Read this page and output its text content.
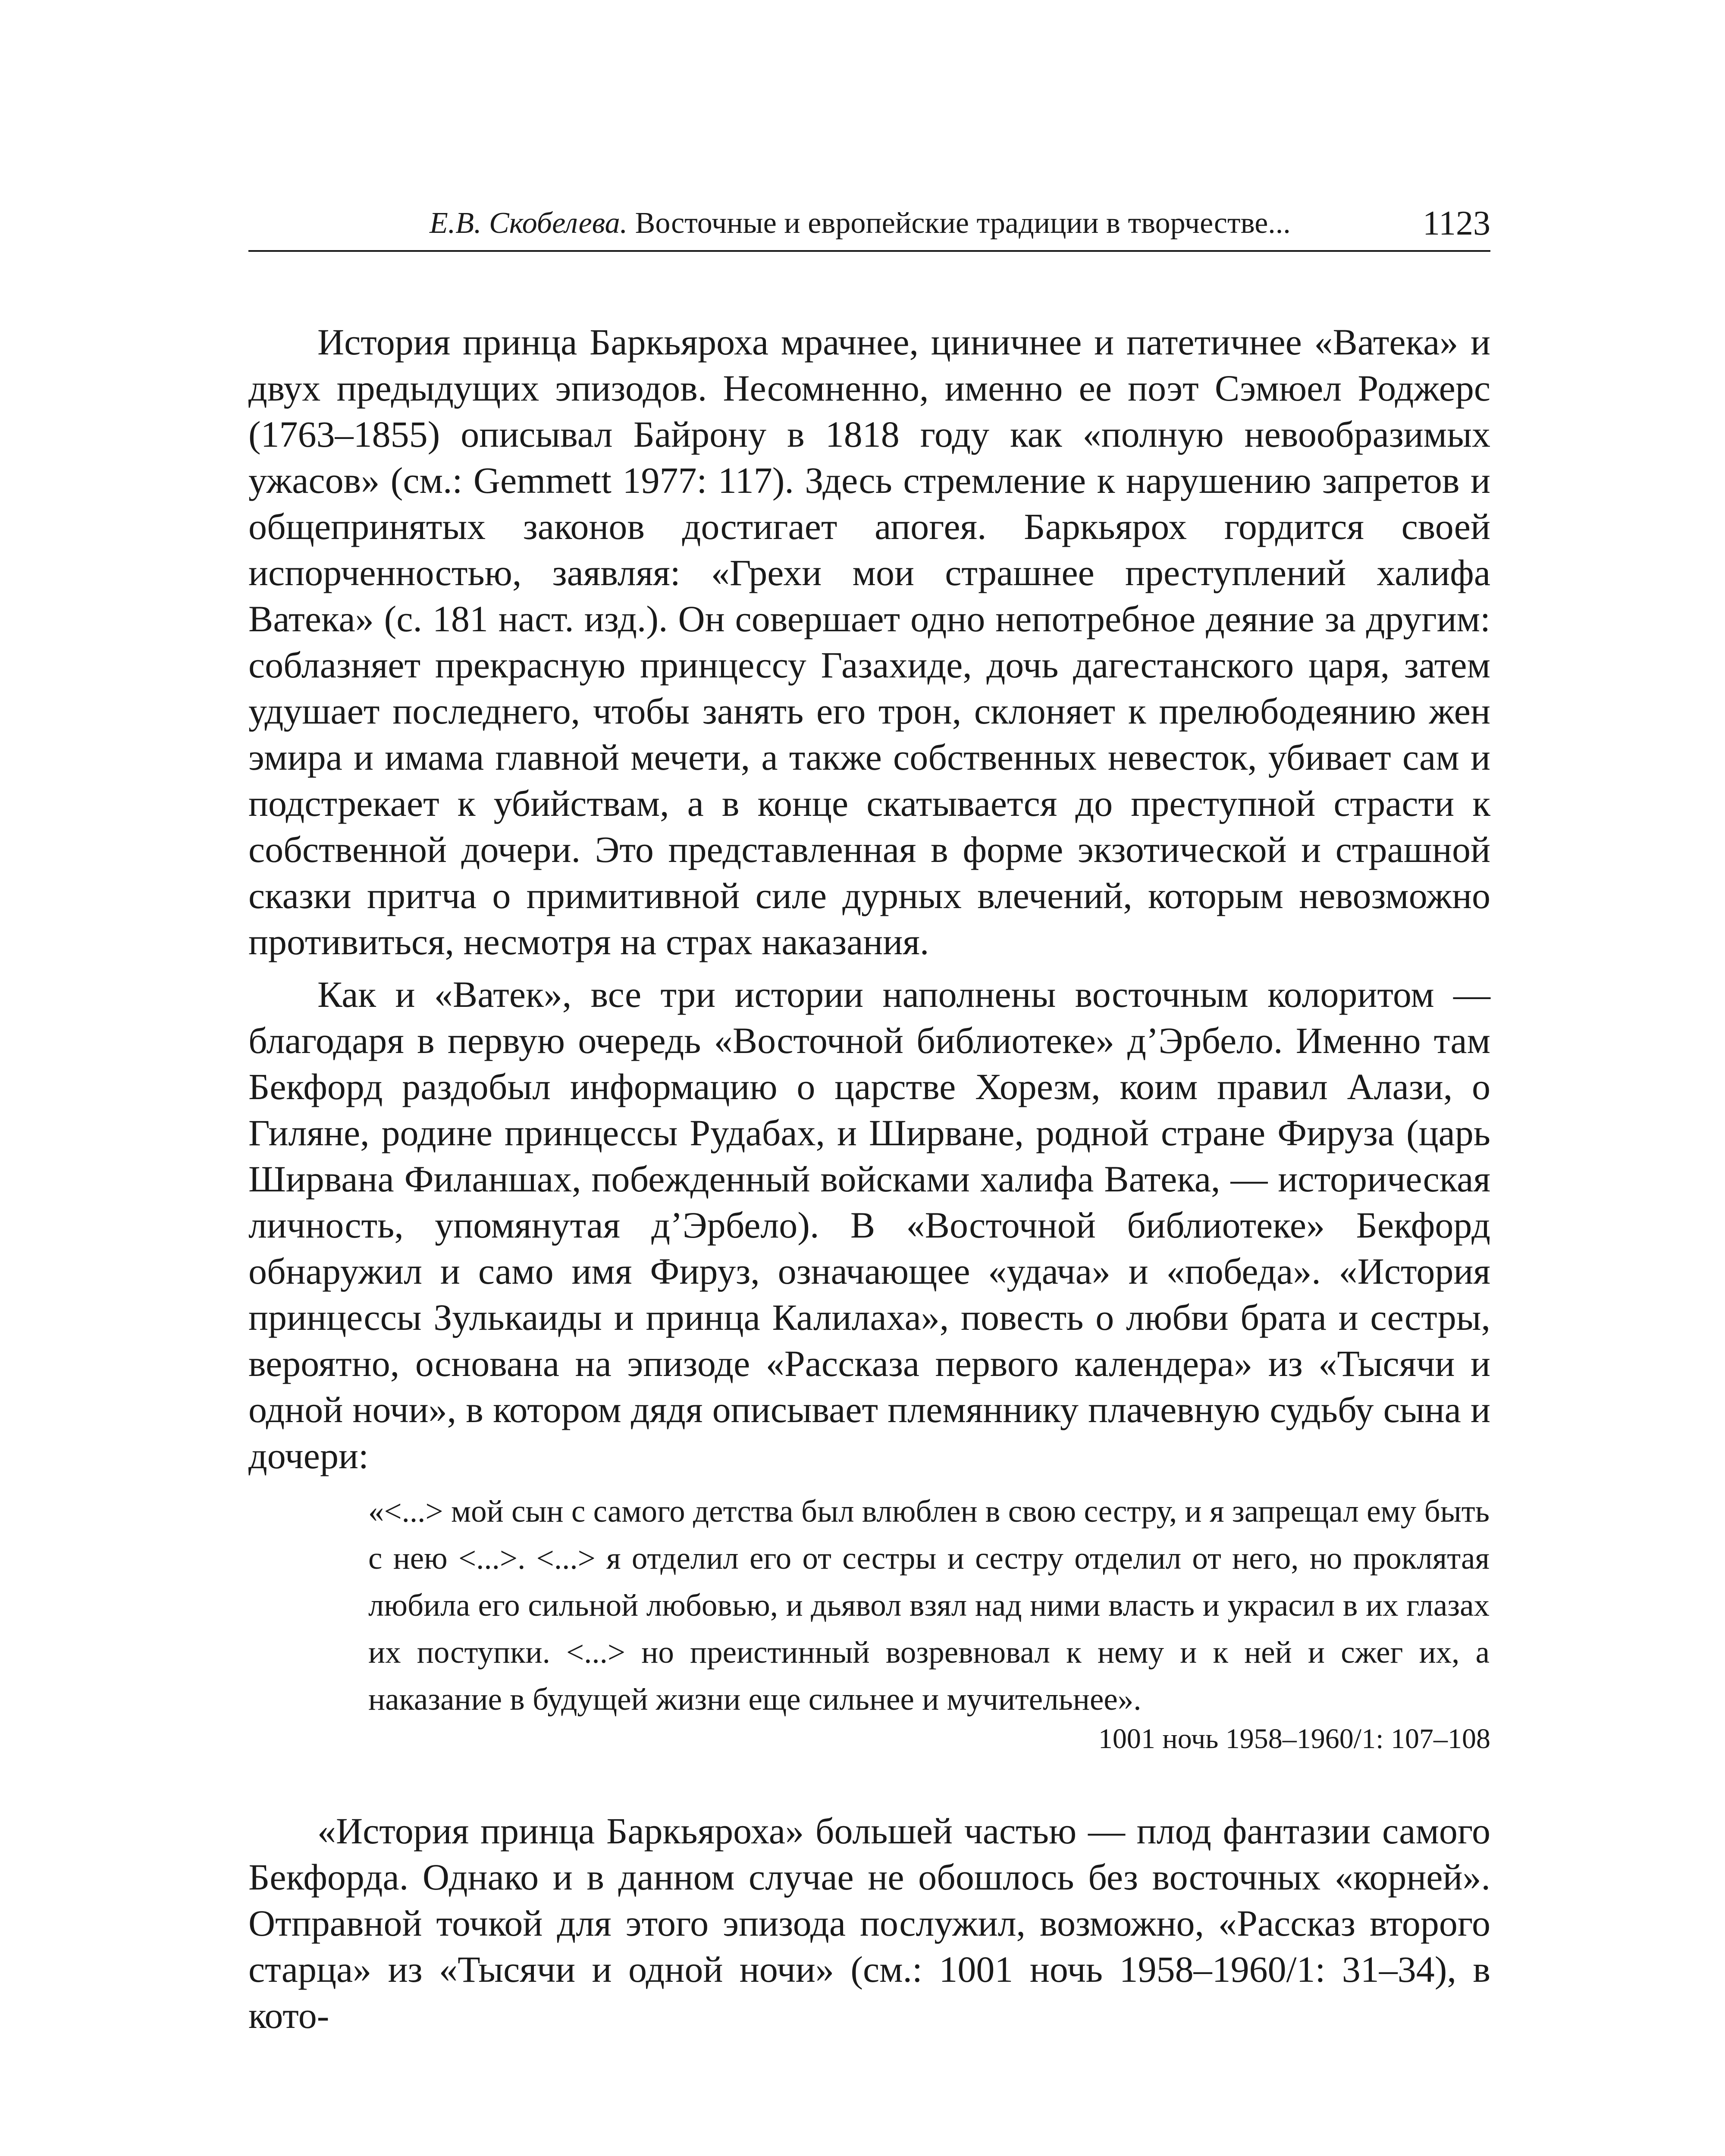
Е.В. Скобелева. Восточные и европейские традиции в творчестве...	1123

История принца Баркьяроха мрачнее, циничнее и патетичнее «Ватека» и двух предыдущих эпизодов. Несомненно, именно ее поэт Сэмюел Роджерс (1763–1855) описывал Байрону в 1818 году как «полную невообразимых ужасов» (см.: Gemmett 1977: 117). Здесь стремление к нарушению запретов и общепринятых законов достигает апогея. Баркьярох гордится своей испорченностью, заявляя: «Грехи мои страшнее преступлений халифа Ватека» (с. 181 наст. изд.). Он совершает одно непотребное деяние за другим: соблазняет прекрасную принцессу Газахиде, дочь дагестанского царя, затем удушает последнего, чтобы занять его трон, склоняет к прелюбодеянию жен эмира и имама главной мечети, а также собственных невесток, убивает сам и подстрекает к убийствам, а в конце скатывается до преступной страсти к собственной дочери. Это представленная в форме экзотической и страшной сказки притча о примитивной силе дурных влечений, которым невозможно противиться, несмотря на страх наказания.

Как и «Ватек», все три истории наполнены восточным колоритом — благодаря в первую очередь «Восточной библиотеке» д’Эрбело. Именно там Бекфорд раздобыл информацию о царстве Хорезм, коим правил Алази, о Гиляне, родине принцессы Рудабах, и Ширване, родной стране Фируза (царь Ширвана Филаншах, побежденный войсками халифа Ватека, — историческая личность, упомянутая д’Эрбело). В «Восточной библиотеке» Бекфорд обнаружил и само имя Фируз, означающее «удача» и «победа». «История принцессы Зулькаиды и принца Калилаха», повесть о любви брата и сестры, вероятно, основана на эпизоде «Рассказа первого календера» из «Тысячи и одной ночи», в котором дядя описывает племяннику плачевную судьбу сына и дочери:

«<...> мой сын с самого детства был влюблен в свою сестру, и я запрещал ему быть с нею <...>. <...> я отделил его от сестры и сестру отделил от него, но проклятая любила его сильной любовью, и дьявол взял над ними власть и украсил в их глазах их поступки. <...> но преистинный возревновал к нему и к ней и сжег их, а наказание в будущей жизни еще сильнее и мучительнее».

1001 ночь 1958–1960/1: 107–108

«История принца Баркьяроха» большей частью — плод фантазии самого Бекфорда. Однако и в данном случае не обошлось без восточных «корней». Отправной точкой для этого эпизода послужил, возможно, «Рассказ второго старца» из «Тысячи и одной ночи» (см.: 1001 ночь 1958–1960/1: 31–34), в кото-
